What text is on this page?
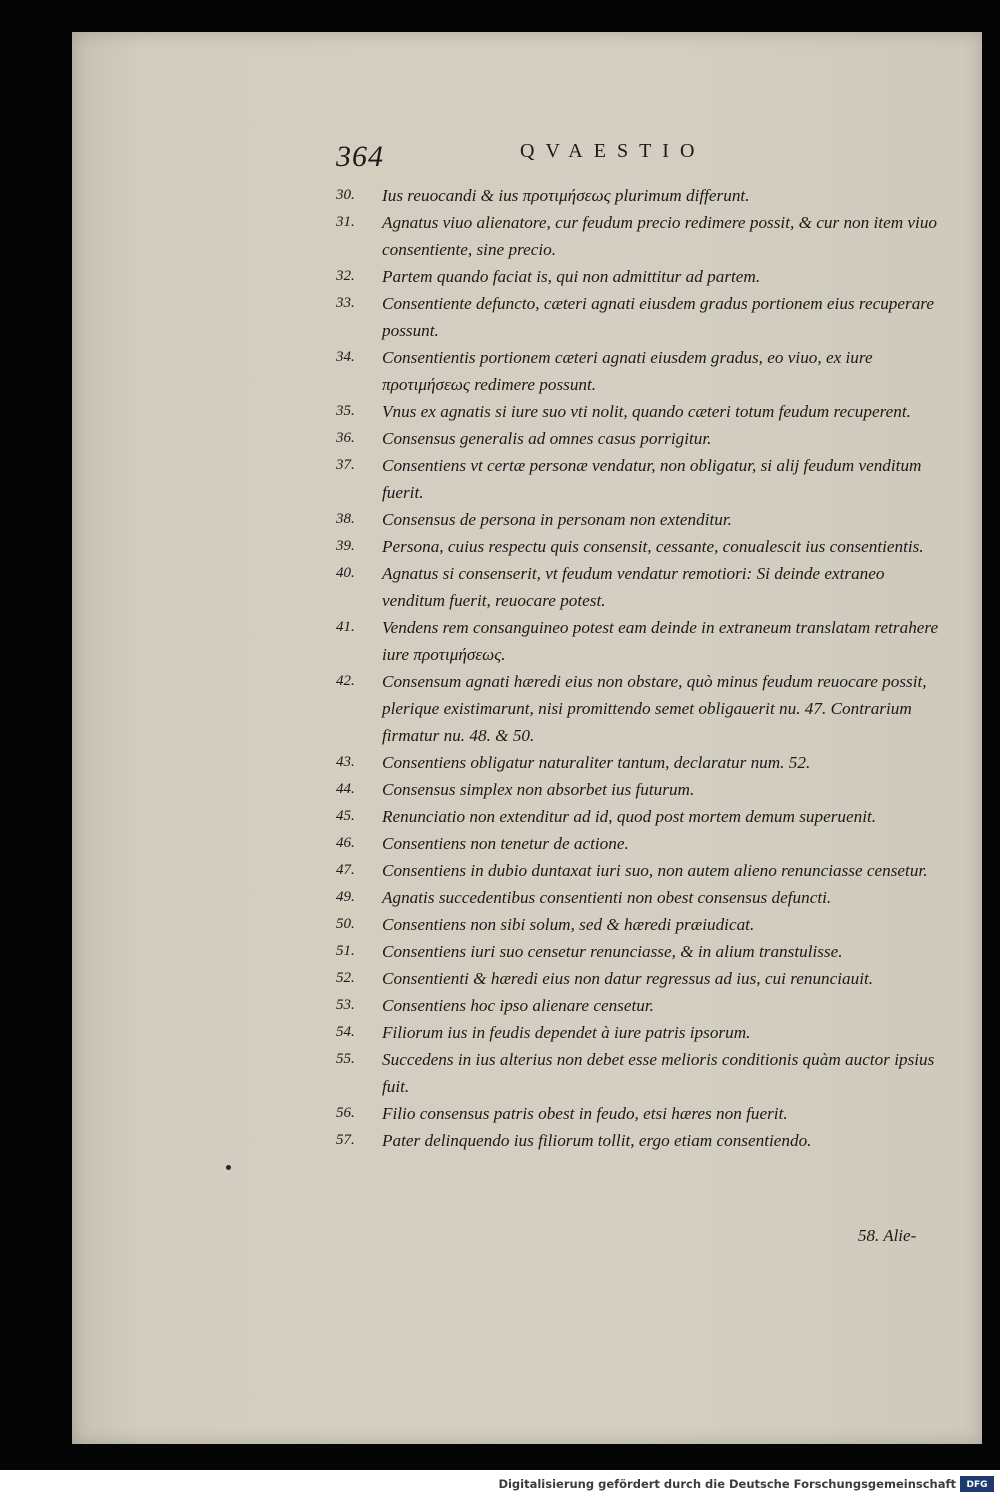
364	QVAESTIO
30.	Ius reuocandi & ius προτιμήσεως plurimum differunt.
31.	Agnatus viuo alienatore, cur feudum precio redimere possit, & cur non item viuo consentiente, sine precio.
32.	Partem quando faciat is, qui non admittitur ad partem.
33.	Consentiente defuncto, cæteri agnati eiusdem gradus portionem eius recuperare possunt.
34.	Consentientis portionem cæteri agnati eiusdem gradus, eo viuo, ex iure προτιμήσεως redimere possunt.
35.	Vnus ex agnatis si iure suo vti nolit, quando cæteri totum feudum recuperent.
36.	Consensus generalis ad omnes casus porrigitur.
37.	Consentiens vt certæ personæ vendatur, non obligatur, si alij feudum venditum fuerit.
38.	Consensus de persona in personam non extenditur.
39.	Persona, cuius respectu quis consensit, cessante, conualescit ius consentientis.
40.	Agnatus si consenserit, vt feudum vendatur remotiori: Si deinde extraneo venditum fuerit, reuocare potest.
41.	Vendens rem consanguineo potest eam deinde in extraneum translatam retrahere iure προτιμήσεως.
42.	Consensum agnati hæredi eius non obstare, quò minus feudum reuocare possit, plerique existimarunt, nisi promittendo semet obligauerit nu. 47. Contrarium firmatur nu. 48. & 50.
43.	Consentiens obligatur naturaliter tantum, declaratur num. 52.
44.	Consensus simplex non absorbet ius futurum.
45.	Renunciatio non extenditur ad id, quod post mortem demum superuenit.
46.	Consentiens non tenetur de actione.
47.	Consentiens in dubio duntaxat iuri suo, non autem alieno renunciasse censetur.
49.	Agnatis succedentibus consentienti non obest consensus defuncti.
50.	Consentiens non sibi solum, sed & hæredi præiudicat.
51.	Consentiens iuri suo censetur renunciasse, & in alium transtulisse.
52.	Consentienti & hæredi eius non datur regressus ad ius, cui renunciauit.
53.	Consentiens hoc ipso alienare censetur.
54.	Filiorum ius in feudis dependet à iure patris ipsorum.
55.	Succedens in ius alterius non debet esse melioris conditionis quàm auctor ipsius fuit.
56.	Filio consensus patris obest in feudo, etsi hæres non fuerit.
57.	Pater delinquendo ius filiorum tollit, ergo etiam consentiendo.
58. Alie-
Digitalisierung gefördert durch die Deutsche Forschungsgemeinschaft	DFG
